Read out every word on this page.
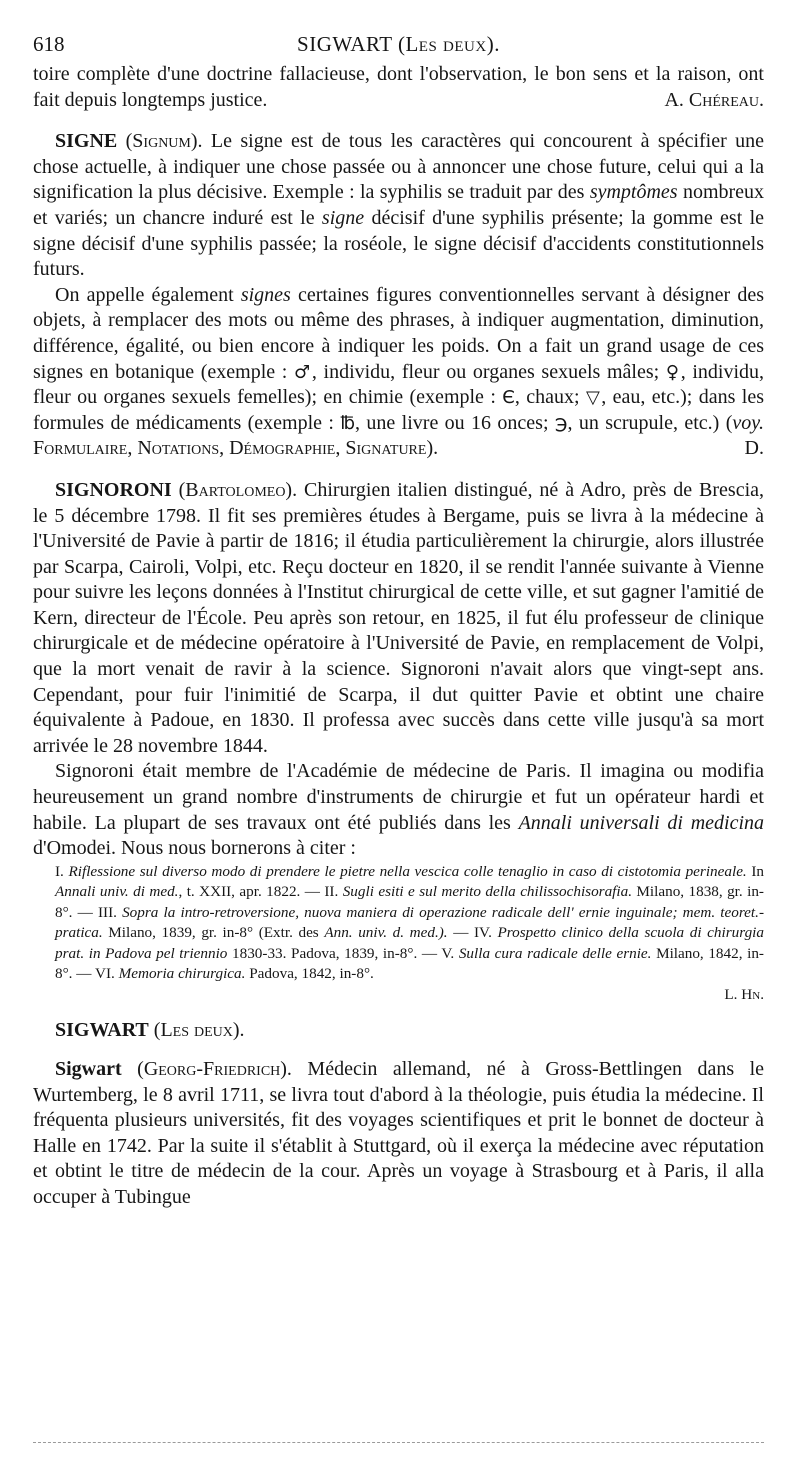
618	SIGWART (Les deux).

toire complète d'une doctrine fallacieuse, dont l'observation, le bon sens et la raison, ont fait depuis longtemps justice.	A. Chéreau.

SIGNE (Signum). Le signe est de tous les caractères qui concourent à spécifier une chose actuelle, à indiquer une chose passée ou à annoncer une chose future, celui qui a la signification la plus décisive. Exemple : la syphilis se traduit par des symptômes nombreux et variés; un chancre induré est le signe décisif d'une syphilis présente; la gomme est le signe décisif d'une syphilis passée; la roséole, le signe décisif d'accidents constitutionnels futurs.

On appelle également signes certaines figures conventionnelles servant à désigner des objets, à remplacer des mots ou même des phrases, à indiquer augmentation, diminution, différence, égalité, ou bien encore à indiquer les poids. On a fait un grand usage de ces signes en botanique (exemple : ♂, individu, fleur ou organes sexuels mâles; ♀, individu, fleur ou organes sexuels femelles); en chimie (exemple : Є, chaux; ▽, eau, etc.); dans les formules de médicaments (exemple : ℔, une livre ou 16 onces; ℈, un scrupule, etc.) (voy. Formulaire, Notations, Démographie, Signature).	D.

SIGNORONI (Bartolomeo). Chirurgien italien distingué, né à Adro, près de Brescia, le 5 décembre 1798. Il fit ses premières études à Bergame, puis se livra à la médecine à l'Université de Pavie à partir de 1816; il étudia particulièrement la chirurgie, alors illustrée par Scarpa, Cairoli, Volpi, etc. Reçu docteur en 1820, il se rendit l'année suivante à Vienne pour suivre les leçons données à l'Institut chirurgical de cette ville, et sut gagner l'amitié de Kern, directeur de l'École. Peu après son retour, en 1825, il fut élu professeur de clinique chirurgicale et de médecine opératoire à l'Université de Pavie, en remplacement de Volpi, que la mort venait de ravir à la science. Signoroni n'avait alors que vingt-sept ans. Cependant, pour fuir l'inimitié de Scarpa, il dut quitter Pavie et obtint une chaire équivalente à Padoue, en 1830. Il professa avec succès dans cette ville jusqu'à sa mort arrivée le 28 novembre 1844.

Signoroni était membre de l'Académie de médecine de Paris. Il imagina ou modifia heureusement un grand nombre d'instruments de chirurgie et fut un opérateur hardi et habile. La plupart de ses travaux ont été publiés dans les Annali universali di medicina d'Omodei. Nous nous bornerons à citer :

I. Riflessione sul diverso modo di prendere le pietre nella vescica colle tenaglio in caso di cistotomia perineale. In Annali univ. di med., t. XXII, apr. 1822. — II. Sugli esiti e sul merito della chilissochisorafia. Milano, 1838, gr. in-8°. — III. Sopra la intro-retroversione, nuova maniera di operazione radicale dell' ernie inguinale; mem. teoret.-pratica. Milano, 1839, gr. in-8° (Extr. des Ann. univ. d. med.). — IV. Prospetto clinico della scuola di chirurgia prat. in Padova pel triennio 1830-33. Padova, 1839, in-8°. — V. Sulla cura radicale delle ernie. Milano, 1842, in-8°. — VI. Memoria chirurgica. Padova, 1842, in-8°.
L. Hn.

SIGWART (Les deux).

Sigwart (Georg-Friedrich). Médecin allemand, né à Gross-Bettlingen dans le Wurtemberg, le 8 avril 1711, se livra tout d'abord à la théologie, puis étudia la médecine. Il fréquenta plusieurs universités, fit des voyages scientifiques et prit le bonnet de docteur à Halle en 1742. Par la suite il s'établit à Stuttgard, où il exerça la médecine avec réputation et obtint le titre de médecin de la cour. Après un voyage à Strasbourg et à Paris, il alla occuper à Tubingue
